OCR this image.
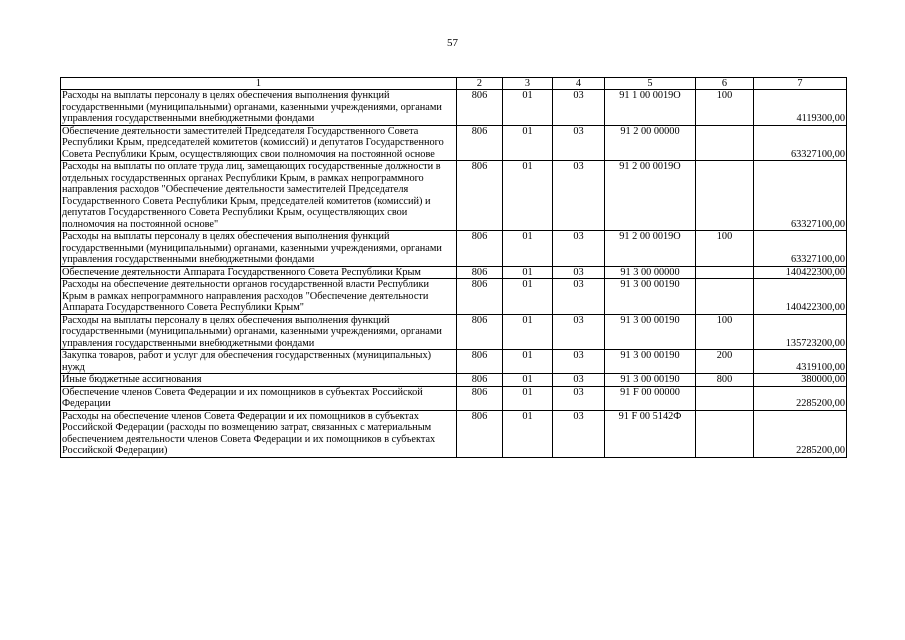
57
1	2	3	4	5	6	7
Расходы на выплаты персоналу в целях обеспечения выполнения функций государственными (муниципальными) органами, казенными учреждениями, органами управления государственными внебюджетными фондами	806	01	03	91 1 00 0019О	100	4119300,00
Обеспечение деятельности заместителей Председателя Государственного Совета Республики Крым, председателей комитетов (комиссий) и депутатов Государственного Совета Республики Крым, осуществляющих свои полномочия на постоянной основе	806	01	03	91 2 00 00000		63327100,00
Расходы на выплаты по оплате труда лиц, замещающих государственные должности в отдельных государственных органах Республики Крым, в рамках непрограммного направления расходов "Обеспечение деятельности заместителей Председателя Государственного Совета Республики Крым, председателей комитетов (комиссий) и депутатов Государственного Совета Республики Крым, осуществляющих свои полномочия на постоянной основе"	806	01	03	91 2 00 0019О		63327100,00
Расходы на выплаты персоналу в целях обеспечения выполнения функций государственными (муниципальными) органами, казенными учреждениями, органами управления государственными внебюджетными фондами	806	01	03	91 2 00 0019О	100	63327100,00
Обеспечение деятельности Аппарата Государственного Совета Республики Крым	806	01	03	91 3 00 00000		140422300,00
Расходы на обеспечение деятельности органов государственной власти Республики Крым в рамках непрограммного направления расходов "Обеспечение деятельности Аппарата Государственного Совета Республики Крым"	806	01	03	91 3 00 00190		140422300,00
Расходы на выплаты персоналу в целях обеспечения выполнения функций государственными (муниципальными) органами, казенными учреждениями, органами управления государственными внебюджетными фондами	806	01	03	91 3 00 00190	100	135723200,00
Закупка товаров, работ и услуг для обеспечения государственных (муниципальных) нужд	806	01	03	91 3 00 00190	200	4319100,00
Иные бюджетные ассигнования	806	01	03	91 3 00 00190	800	380000,00
Обеспечение членов Совета Федерации и их помощников в субъектах Российской Федерации	806	01	03	91 F 00 00000		2285200,00
Расходы на обеспечение членов Совета Федерации и их помощников в субъектах Российской Федерации (расходы по возмещению затрат, связанных с материальным обеспечением деятельности членов Совета Федерации и их помощников в субъектах Российской Федерации)	806	01	03	91 F 00 5142Ф		2285200,00
